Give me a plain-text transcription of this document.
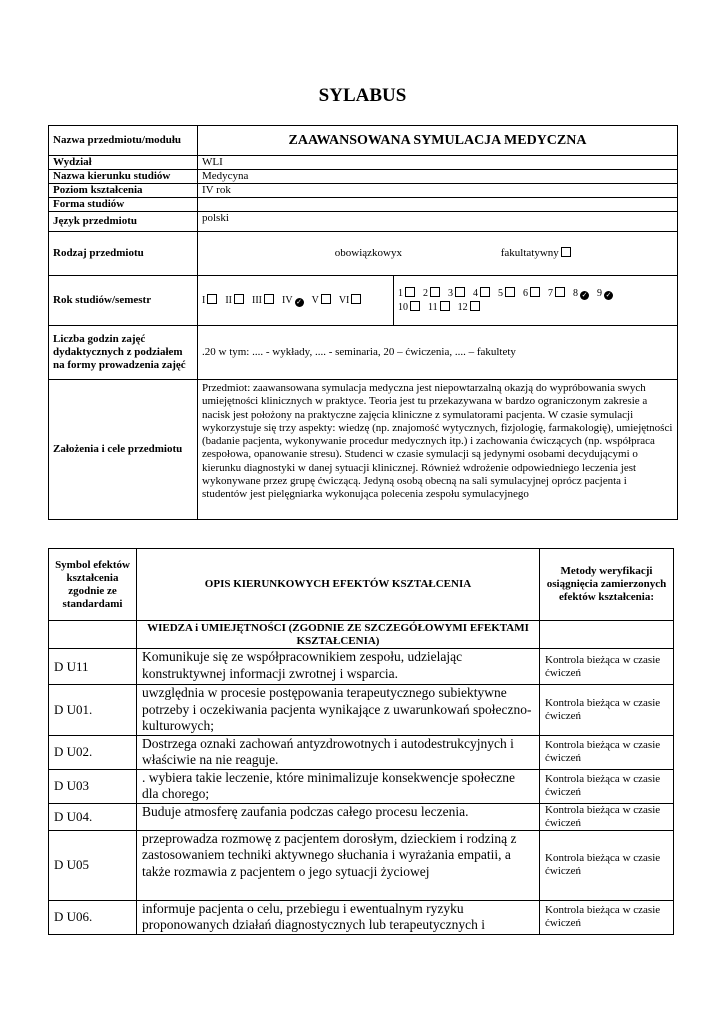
SYLABUS
Nazwa przedmiotu/modułu	ZAAWANSOWANA SYMULACJA MEDYCZNA	
Wydział	WLI	
Nazwa kierunku studiów	Medycyna	
Poziom kształcenia	IV rok	
Forma studiów		
Język przedmiotu	polski	
Rodzaj przedmiotu	obowiązkowyx fakultatywny	
Rok studiów/semestr	I II III IV ✓ V VI	1 2 3 4 5 6 7 8 ✓ 9 ✓
10 11 12
Liczba godzin zajęć dydaktycznych z podziałem na formy prowadzenia zajęć	.20 w tym: .... - wykłady, .... - seminaria, 20 – ćwiczenia, .... – fakultety	
Założenia i cele przedmiotu	Przedmiot: zaawansowana symulacja medyczna jest niepowtarzalną okazją do wypróbowania swych umiejętności klinicznych w praktyce. Teoria jest tu przekazywana w bardzo ograniczonym zakresie a nacisk jest położony na praktyczne zajęcia kliniczne z symulatorami pacjenta. W czasie symulacji wykorzystuje się trzy aspekty: wiedzę (np. znajomość wytycznych, fizjologię, farmakologię), umiejętności (badanie pacjenta, wykonywanie procedur medycznych itp.) i zachowania ćwiczących (np. współpraca zespołowa, opanowanie stresu). Studenci w czasie symulacji są jedynymi osobami decydującymi o kierunku diagnostyki w danej sytuacji klinicznej. Również wdrożenie odpowiedniego leczenia jest wykonywane przez grupę ćwiczącą. Jedyną osobą obecną na sali symulacyjnej oprócz pacjenta i studentów jest pielęgniarka wykonująca polecenia zespołu symulacyjnego	
Symbol efektów kształcenia zgodnie ze standardami	OPIS KIERUNKOWYCH EFEKTÓW KSZTAŁCENIA	Metody weryfikacji osiągnięcia zamierzonych efektów kształcenia:
	WIEDZA i UMIEJĘTNOŚCI (ZGODNIE ZE SZCZEGÓŁOWYMI EFEKTAMI KSZTAŁCENIA)	
D U11	Komunikuje się ze współpracownikiem zespołu, udzielając konstruktywnej informacji zwrotnej i wsparcia.	Kontrola bieżąca w czasie ćwiczeń
D U01.	uwzględnia w procesie postępowania terapeutycznego subiektywne potrzeby i oczekiwania pacjenta wynikające z uwarunkowań społeczno-kulturowych;	Kontrola bieżąca w czasie ćwiczeń
D U02.	Dostrzega oznaki zachowań antyzdrowotnych i autodestrukcyjnych i właściwie na nie reaguje.	Kontrola bieżąca w czasie ćwiczeń
D U03	. wybiera takie leczenie, które minimalizuje konsekwencje społeczne dla chorego;	Kontrola bieżąca w czasie ćwiczeń
D U04.	Buduje atmosferę zaufania podczas całego procesu leczenia.	Kontrola bieżąca w czasie ćwiczeń
D U05	przeprowadza rozmowę z pacjentem dorosłym, dzieckiem i rodziną z zastosowaniem techniki aktywnego słuchania i wyrażania empatii, a także rozmawia z pacjentem o jego sytuacji życiowej	Kontrola bieżąca w czasie ćwiczeń
D U06.	informuje pacjenta o celu, przebiegu i ewentualnym ryzyku proponowanych działań diagnostycznych lub terapeutycznych i	Kontrola bieżąca w czasie ćwiczeń
